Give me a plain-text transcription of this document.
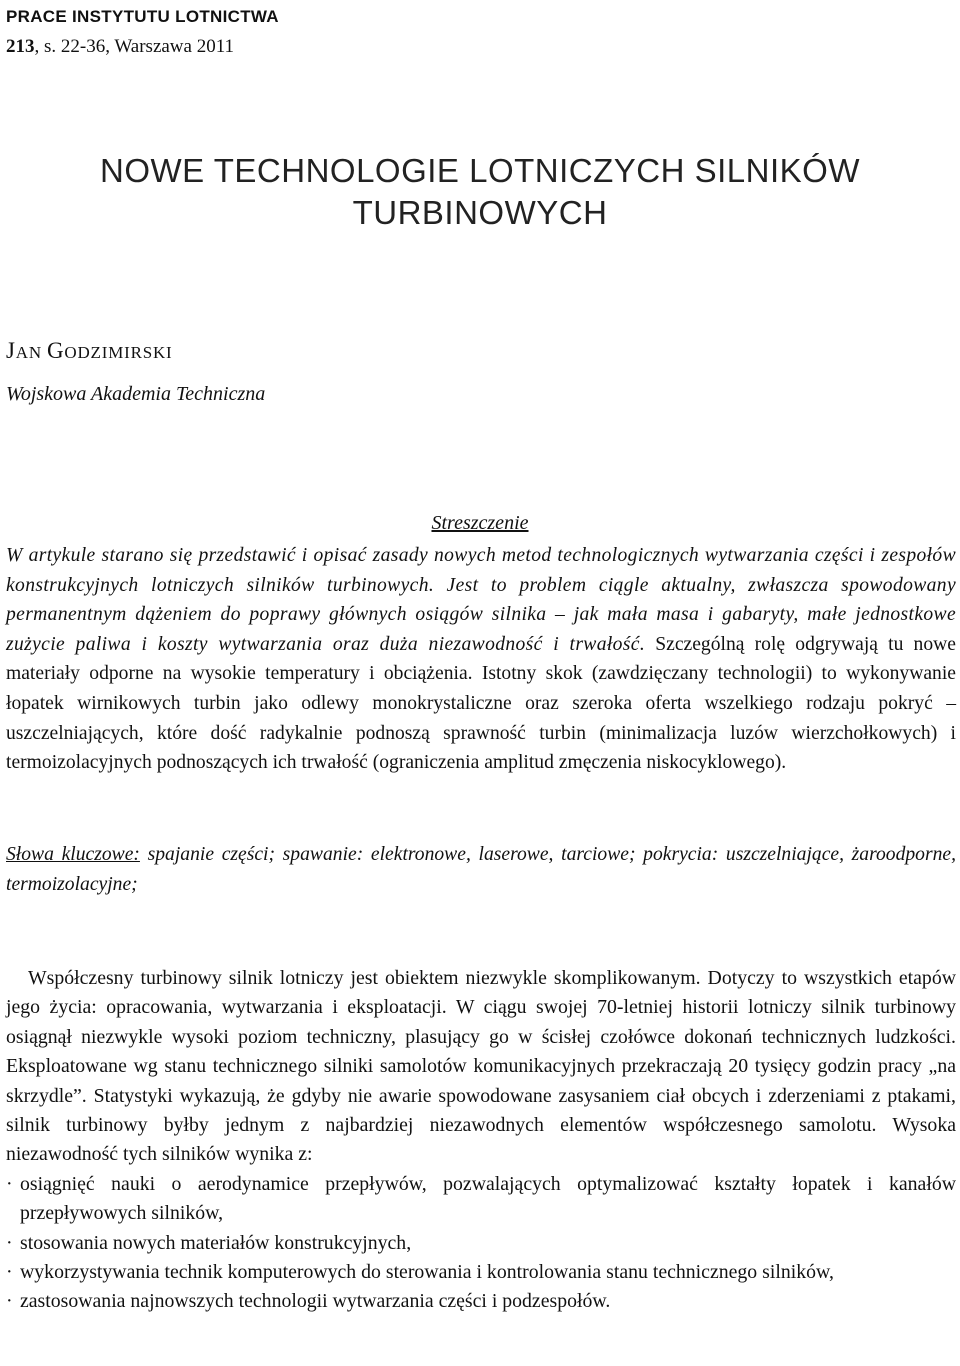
PRACE INSTYTUTU LOTNICTWA
213, s. 22-36, Warszawa 2011
NOWE TECHNOLOGIE LOTNICZYCH SILNIKÓW
TURBINOWYCH
JAN GODZIMIRSKI
Wojskowa Akademia Techniczna
Streszczenie
W artykule starano się przedstawić i opisać zasady nowych metod technologicznych wytwarzania części i zespołów konstrukcyjnych lotniczych silników turbinowych. Jest to problem ciągle aktualny, zwłaszcza spowodowany permanentnym dążeniem do poprawy głównych osiągów silnika – jak mała masa i gabaryty, małe jednostkowe zużycie paliwa i koszty wytwarzania oraz duża niezawodność i trwałość. Szczególną rolę odgrywają tu nowe materiały odporne na wysokie temperatury i obciążenia. Istotny skok (zawdzięczany technologii) to wykonywanie łopatek wirnikowych turbin jako odlewy monokrystaliczne oraz szeroka oferta wszelkiego rodzaju pokryć – uszczelniających, które dość radykalnie podnoszą sprawność turbin (minimalizacja luzów wierzchołkowych) i termoizolacyjnych podnoszących ich trwałość (ograniczenia amplitud zmęczenia niskocyklowego).
Słowa kluczowe: spajanie części; spawanie: elektronowe, laserowe, tarciowe; pokrycia: uszczelniające, żaroodporne, termoizolacyjne;

Współczesny turbinowy silnik lotniczy jest obiektem niezwykle skomplikowanym. Dotyczy to wszystkich etapów jego życia: opracowania, wytwarzania i eksploatacji. W ciągu swojej 70-letniej historii lotniczy silnik turbinowy osiągnął niezwykle wysoki poziom techniczny, plasujący go w ścisłej czołówce dokonań technicznych ludzkości. Eksploatowane wg stanu technicznego silniki samolotów komunikacyjnych przekraczają 20 tysięcy godzin pracy „na skrzydle”. Statystyki wykazują, że gdyby nie awarie spowodowane zasysaniem ciał obcych i zderzeniami z ptakami, silnik turbinowy byłby jednym z najbardziej niezawodnych elementów współczesnego samolotu. Wysoka niezawodność tych silników wynika z:

· osiągnięć nauki o aerodynamice przepływów, pozwalających optymalizować kształty łopatek i kanałów przepływowych silników,
· stosowania nowych materiałów konstrukcyjnych,
· wykorzystywania technik komputerowych do sterowania i kontrolowania stanu technicznego silników,
· zastosowania najnowszych technologii wytwarzania części i podzespołów.
